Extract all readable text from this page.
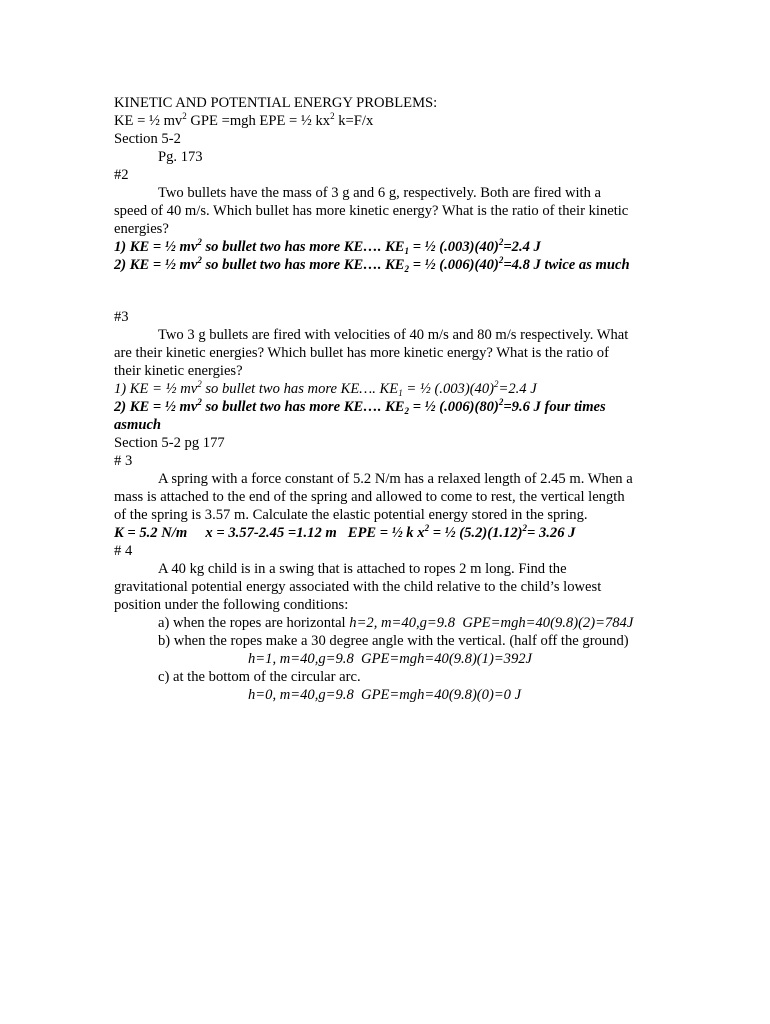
KINETIC AND POTENTIAL ENERGY PROBLEMS:
KE = ½ $mv^2$ GPE =mgh EPE = ½ $kx^2$ k=F/x
Section 5-2
Pg. 173
#2
Two bullets have the mass of 3 g and 6 g, respectively. Both are fired with a
speed of 40 m/s. Which bullet has more kinetic energy? What is the ratio of their kinetic
energies?
1) KE = ½ $mv^2$ so bullet two has more KE…. $KE_1$ = ½ $(.003)(40)^2=2.4$ J
2) KE = ½ $mv^2$ so bullet two has more KE…. $KE_2$ = ½ $(.006)(40)^2=4.8$ J twice as much
#3
Two 3 g bullets are fired with velocities of 40 m/s and 80 m/s respectively. What
are their kinetic energies? Which bullet has more kinetic energy? What is the ratio of
their kinetic energies?
1) KE = ½ $mv^2$ so bullet two has more KE…. $KE_1$ = ½ $(.003)(40)^2=2.4$ J
2) KE = ½ $mv^2$ so bullet two has more KE…. $KE_2$ = ½ $(.006)(80)^2=9.6$ J four times
asmuch
Section 5-2 pg 177
# 3
A spring with a force constant of 5.2 N/m has a relaxed length of 2.45 m. When a
mass is attached to the end of the spring and allowed to come to rest, the vertical length
of the spring is 3.57 m. Calculate the elastic potential energy stored in the spring.
K = 5.2 N/m     x = 3.57-2.45 =1.12 m   EPE = ½ k $x^2$ = ½ $(5.2)(1.12)^2= 3.26$ J
# 4
A 40 kg child is in a swing that is attached to ropes 2 m long. Find the
gravitational potential energy associated with the child relative to the child’s lowest
position under the following conditions:
a) when the ropes are horizontal h=2, m=40,g=9.8  GPE=mgh=40(9.8)(2)=784J
b) when the ropes make a 30 degree angle with the vertical. (half off the ground)
h=1, m=40,g=9.8  GPE=mgh=40(9.8)(1)=392J
c) at the bottom of the circular arc.
h=0, m=40,g=9.8  GPE=mgh=40(9.8)(0)=0 J
